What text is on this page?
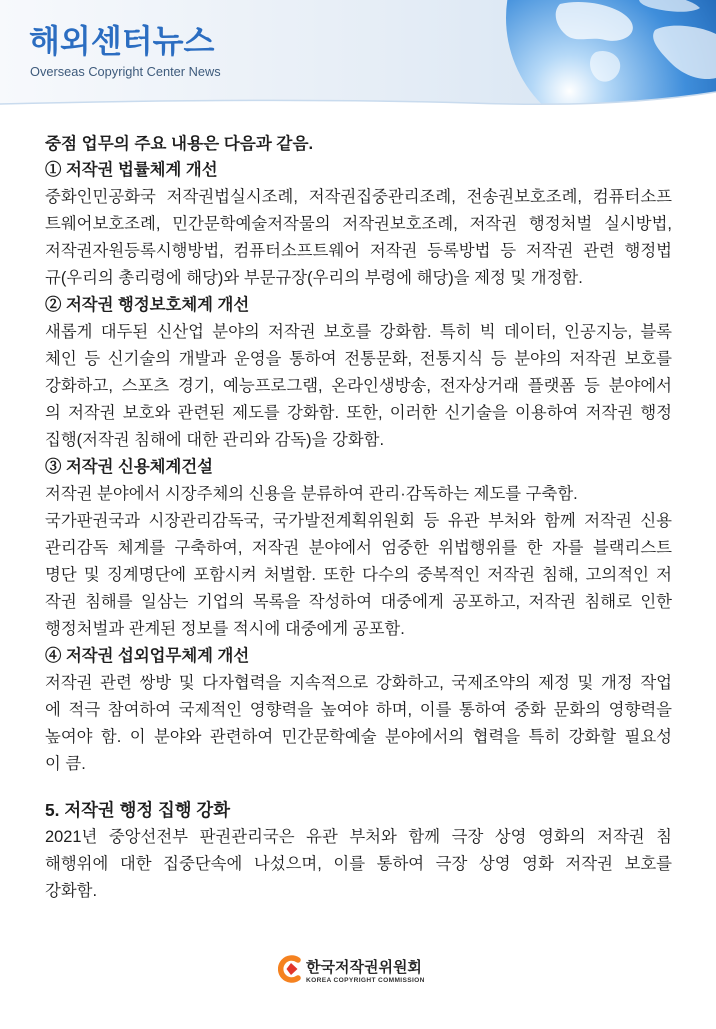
해외센터뉴스
Overseas Copyright Center News
중점 업무의 주요 내용은 다음과 같음.
① 저작권 법률체계 개선
중화인민공화국 저작권법실시조례, 저작권집중관리조례, 전송권보호조례, 컴퓨터소프
트웨어보호조례, 민간문학예술저작물의 저작권보호조례, 저작권 행정처벌 실시방법,
저작권자원등록시행방법, 컴퓨터소프트웨어 저작권 등록방법 등 저작권 관련 행정법
규(우리의 총리령에 해당)와 부문규장(우리의 부령에 해당)을 제정 및 개정함.
② 저작권 행정보호체계 개선
새롭게 대두된 신산업 분야의 저작권 보호를 강화함. 특히 빅 데이터, 인공지능, 블록
체인 등 신기술의 개발과 운영을 통하여 전통문화, 전통지식 등 분야의 저작권 보호를
강화하고, 스포츠 경기, 예능프로그램, 온라인생방송, 전자상거래 플랫폼 등 분야에서
의 저작권 보호와 관련된 제도를 강화함. 또한, 이러한 신기술을 이용하여 저작권 행정
집행(저작권 침해에 대한 관리와 감독)을 강화함.
③ 저작권 신용체계건설
저작권 분야에서 시장주체의 신용을 분류하여 관리·감독하는 제도를 구축함.
국가판권국과 시장관리감독국, 국가발전계획위원회 등 유관 부처와 함께 저작권 신용
관리감독 체계를 구축하여, 저작권 분야에서 엄중한 위법행위를 한 자를 블랙리스트
명단 및 징계명단에 포함시켜 처벌함. 또한 다수의 중복적인 저작권 침해, 고의적인 저
작권 침해를 일삼는 기업의 목록을 작성하여 대중에게 공포하고, 저작권 침해로 인한
행정처벌과 관계된 정보를 적시에 대중에게 공포함.
④ 저작권 섭외업무체계 개선
저작권 관련 쌍방 및 다자협력을 지속적으로 강화하고, 국제조약의 제정 및 개정 작업
에 적극 참여하여 국제적인 영향력을 높여야 하며, 이를 통하여 중화 문화의 영향력을
높여야 함. 이 분야와 관련하여 민간문학예술 분야에서의 협력을 특히 강화할 필요성
이 큼.
5. 저작권 행정 집행 강화
2021년 중앙선전부 판권관리국은 유관 부처와 함께 극장 상영 영화의 저작권 침
해행위에 대한 집중단속에 나섰으며, 이를 통하여 극장 상영 영화 저작권 보호를
강화함.
한국저작권위원회
KOREA COPYRIGHT COMMISSION
